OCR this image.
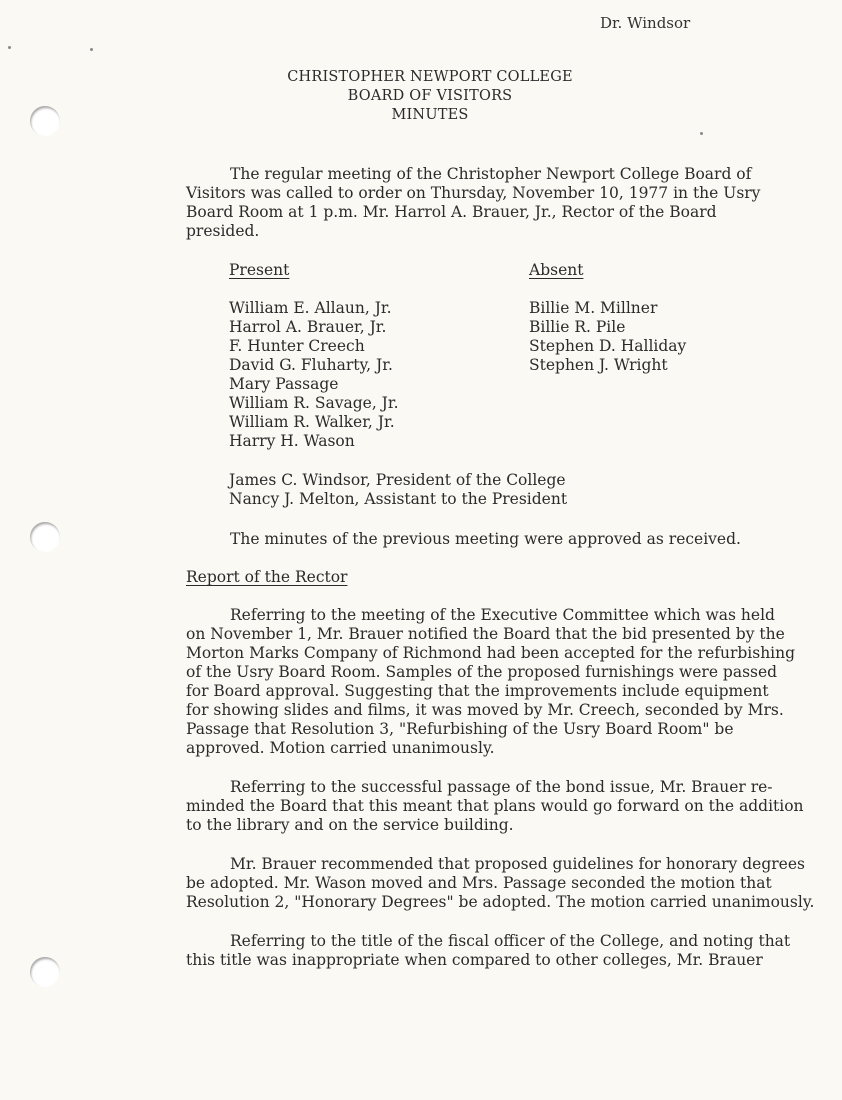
Dr. Windsor
CHRISTOPHER NEWPORT COLLEGE
BOARD OF VISITORS
MINUTES
The regular meeting of the Christopher Newport College Board of
Visitors was called to order on Thursday, November 10, 1977 in the Usry
Board Room at 1 p.m. Mr. Harrol A. Brauer, Jr., Rector of the Board
presided.
Present
William E. Allaun, Jr.
Harrol A. Brauer, Jr.
F. Hunter Creech
David G. Fluharty, Jr.
Mary Passage
William R. Savage, Jr.
William R. Walker, Jr.
Harry H. Wason
Absent
Billie M. Millner
Billie R. Pile
Stephen D. Halliday
Stephen J. Wright
James C. Windsor, President of the College
Nancy J. Melton, Assistant to the President
The minutes of the previous meeting were approved as received.
Report of the Rector
Referring to the meeting of the Executive Committee which was held
on November 1, Mr. Brauer notified the Board that the bid presented by the
Morton Marks Company of Richmond had been accepted for the refurbishing
of the Usry Board Room. Samples of the proposed furnishings were passed
for Board approval. Suggesting that the improvements include equipment
for showing slides and films, it was moved by Mr. Creech, seconded by Mrs.
Passage that Resolution 3, "Refurbishing of the Usry Board Room" be
approved. Motion carried unanimously.
Referring to the successful passage of the bond issue, Mr. Brauer re-
minded the Board that this meant that plans would go forward on the addition
to the library and on the service building.
Mr. Brauer recommended that proposed guidelines for honorary degrees
be adopted. Mr. Wason moved and Mrs. Passage seconded the motion that
Resolution 2, "Honorary Degrees" be adopted. The motion carried unanimously.
Referring to the title of the fiscal officer of the College, and noting that
this title was inappropriate when compared to other colleges, Mr. Brauer
